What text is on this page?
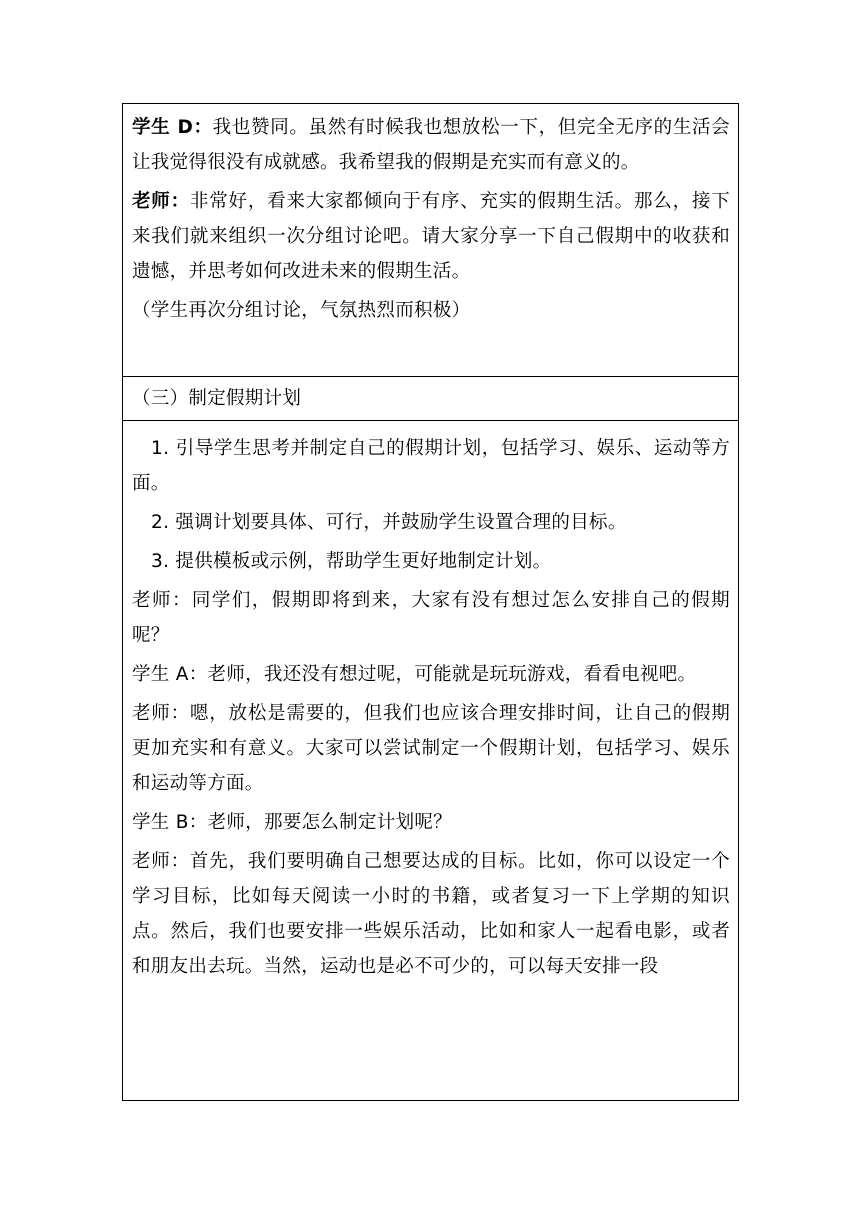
学生 D：我也赞同。虽然有时候我也想放松一下，但完全无序的生活会让我觉得很没有成就感。我希望我的假期是充实而有意义的。

老师：非常好，看来大家都倾向于有序、充实的假期生活。那么，接下来我们就来组织一次分组讨论吧。请大家分享一下自己假期中的收获和遗憾，并思考如何改进未来的假期生活。

（学生再次分组讨论，气氛热烈而积极）

（三）制定假期计划

1. 引导学生思考并制定自己的假期计划，包括学习、娱乐、运动等方面。

2. 强调计划要具体、可行，并鼓励学生设置合理的目标。

3. 提供模板或示例，帮助学生更好地制定计划。

老师：同学们，假期即将到来，大家有没有想过怎么安排自己的假期呢？

学生 A：老师，我还没有想过呢，可能就是玩玩游戏，看看电视吧。

老师：嗯，放松是需要的，但我们也应该合理安排时间，让自己的假期更加充实和有意义。大家可以尝试制定一个假期计划，包括学习、娱乐和运动等方面。

学生 B：老师，那要怎么制定计划呢？

老师：首先，我们要明确自己想要达成的目标。比如，你可以设定一个学习目标，比如每天阅读一小时的书籍，或者复习一下上学期的知识点。然后，我们也要安排一些娱乐活动，比如和家人一起看电影，或者和朋友出去玩。当然，运动也是必不可少的，可以每天安排一段
